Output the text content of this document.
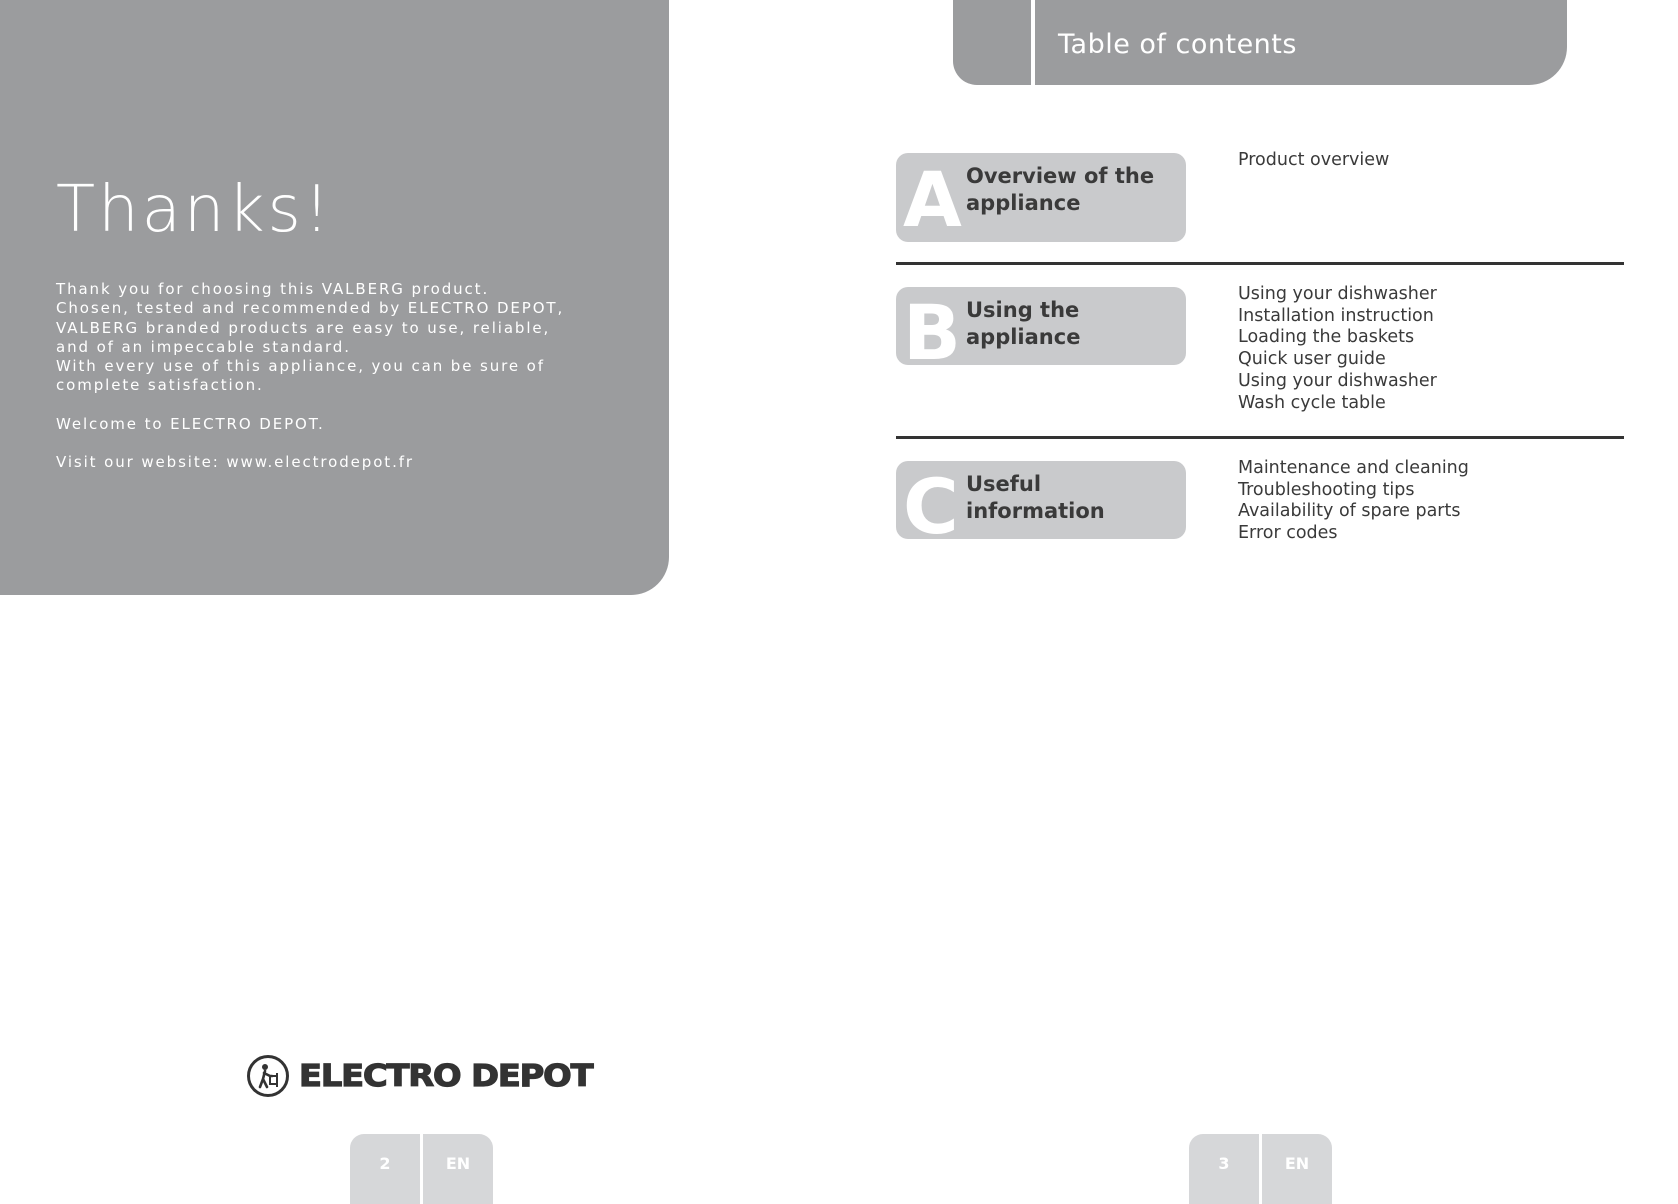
Thanks!

Thank you for choosing this VALBERG product.

Chosen, tested and recommended by ELECTRO DEPOT,

VALBERG branded products are easy to use, reliable,

and of an impeccable standard.

With every use of this appliance, you can be sure of

complete satisfaction.

Welcome to ELECTRO DEPOT.

Visit our website: www.electrodepot.fr

ELECTRO DEPOT
2	EN
Table of contents
A Overview of the appliance

Product overview
B Using the appliance

Using your dishwasher
Installation instruction
Loading the baskets
Quick user guide
Using your dishwasher
Wash cycle table
C Useful information

Maintenance and cleaning
Troubleshooting tips
Availability of spare parts
Error codes
3	EN
